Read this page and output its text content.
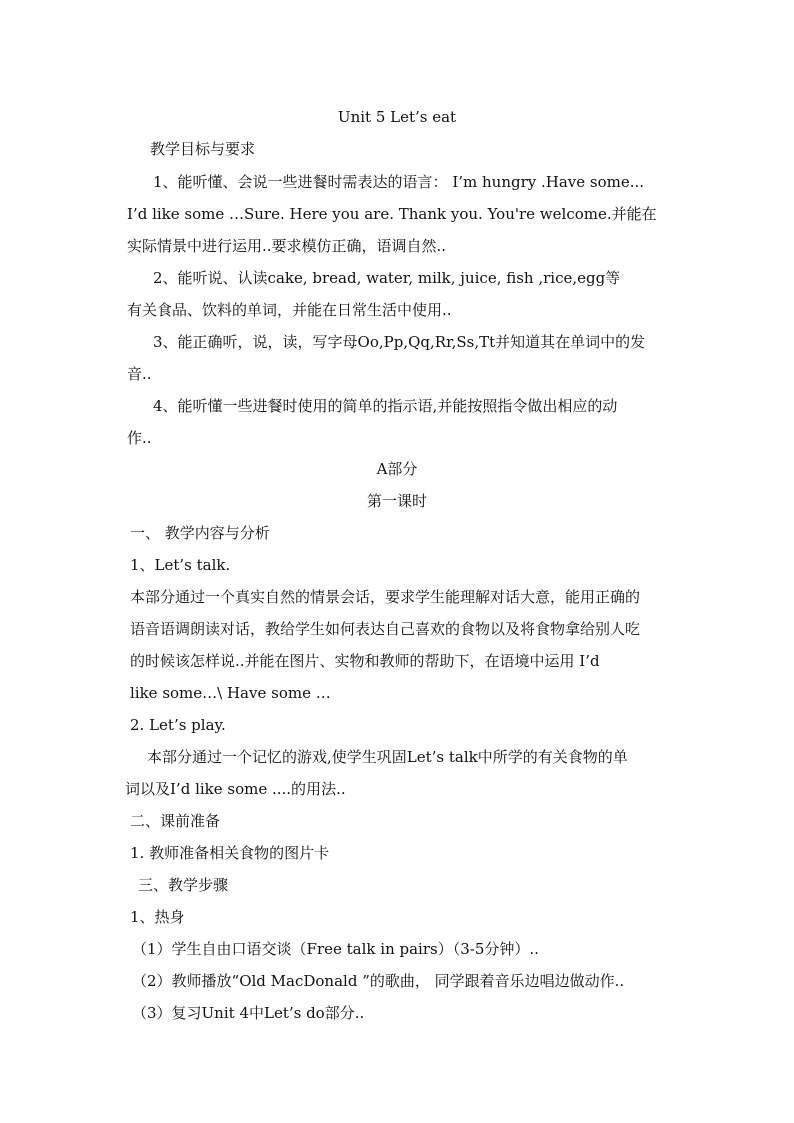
Unit 5 Let’s eat
教学目标与要求
1、能听懂、会说一些进餐时需表达的语言： I’m hungry .Have some...
I’d like some …Sure. Here you are. Thank you. You're welcome.并能在
实际情景中进行运用..要求模仿正确，语调自然..
2、能听说、认读cake, bread, water, milk, juice, fish ,rice,egg等
有关食品、饮料的单词，并能在日常生活中使用..
3、能正确听，说，读，写字母Oo,Pp,Qq,Rr,Ss,Tt并知道其在单词中的发
音..
4、能听懂一些进餐时使用的简单的指示语,并能按照指令做出相应的动
作..
A部分
第一课时
一、 教学内容与分析
1、Let’s talk.
本部分通过一个真实自然的情景会话，要求学生能理解对话大意，能用正确的
语音语调朗读对话，教给学生如何表达自己喜欢的食物以及将食物拿给别人吃
的时候该怎样说..并能在图片、实物和教师的帮助下，在语境中运用 I’d
like some…\ Have some …
2. Let’s play.
本部分通过一个记忆的游戏,使学生巩固Let’s talk中所学的有关食物的单
词以及I’d like some ....的用法..
二、课前准备
1. 教师准备相关食物的图片卡
三、教学步骤
1、热身
（1）学生自由口语交谈（Free talk in pairs）（3-5分钟）..
（2）教师播放“Old MacDonald ”的歌曲， 同学跟着音乐边唱边做动作..
（3）复习Unit 4中Let’s do部分..
